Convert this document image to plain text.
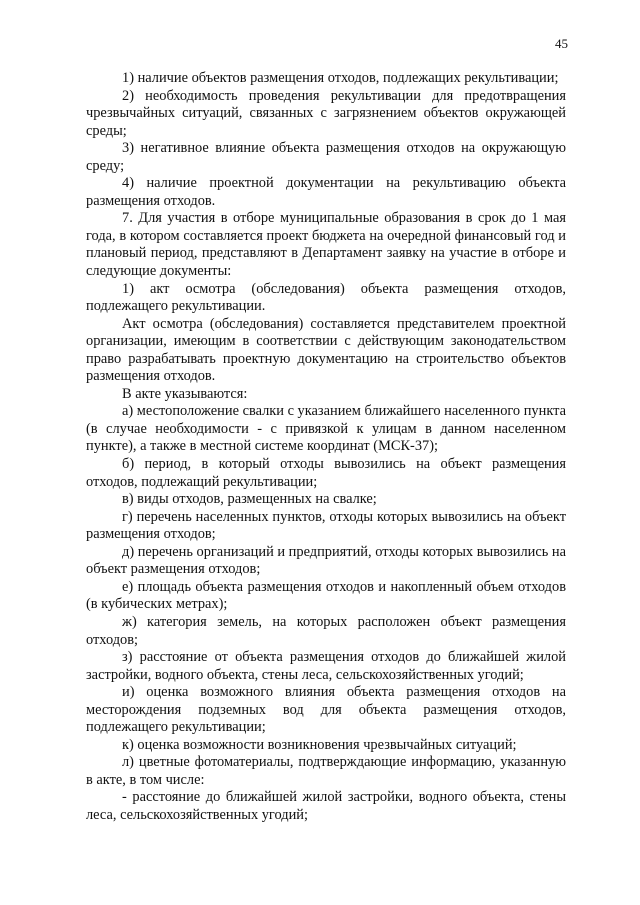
45

1) наличие объектов размещения отходов, подлежащих рекультивации;

2) необходимость проведения рекультивации для предотвращения чрезвычайных ситуаций, связанных с загрязнением объектов окружающей среды;

3) негативное влияние объекта размещения отходов на окружающую среду;

4) наличие проектной документации на рекультивацию объекта размещения отходов.

7. Для участия в отборе муниципальные образования в срок до 1 мая года, в котором составляется проект бюджета на очередной финансовый год и плановый период, представляют в Департамент заявку на участие в отборе и следующие документы:

1) акт осмотра (обследования) объекта размещения отходов, подлежащего рекультивации.

Акт осмотра (обследования) составляется представителем проектной организации, имеющим в соответствии с действующим законодательством право разрабатывать проектную документацию на строительство объектов размещения отходов.

В акте указываются:

а) местоположение свалки с указанием ближайшего населенного пункта (в случае необходимости - с привязкой к улицам в данном населенном пункте), а также в местной системе координат (МСК-37);

б) период, в который отходы вывозились на объект размещения отходов, подлежащий рекультивации;

в) виды отходов, размещенных на свалке;

г) перечень населенных пунктов, отходы которых вывозились на объект размещения отходов;

д) перечень организаций и предприятий, отходы которых вывозились на объект размещения отходов;

е) площадь объекта размещения отходов и накопленный объем отходов (в кубических метрах);

ж) категория земель, на которых расположен объект размещения отходов;

з) расстояние от объекта размещения отходов до ближайшей жилой застройки, водного объекта, стены леса, сельскохозяйственных угодий;

и) оценка возможного влияния объекта размещения отходов на месторождения подземных вод для объекта размещения отходов, подлежащего рекультивации;

к) оценка возможности возникновения чрезвычайных ситуаций;

л) цветные фотоматериалы, подтверждающие информацию, указанную в акте, в том числе:

- расстояние до ближайшей жилой застройки, водного объекта, стены леса, сельскохозяйственных угодий;
